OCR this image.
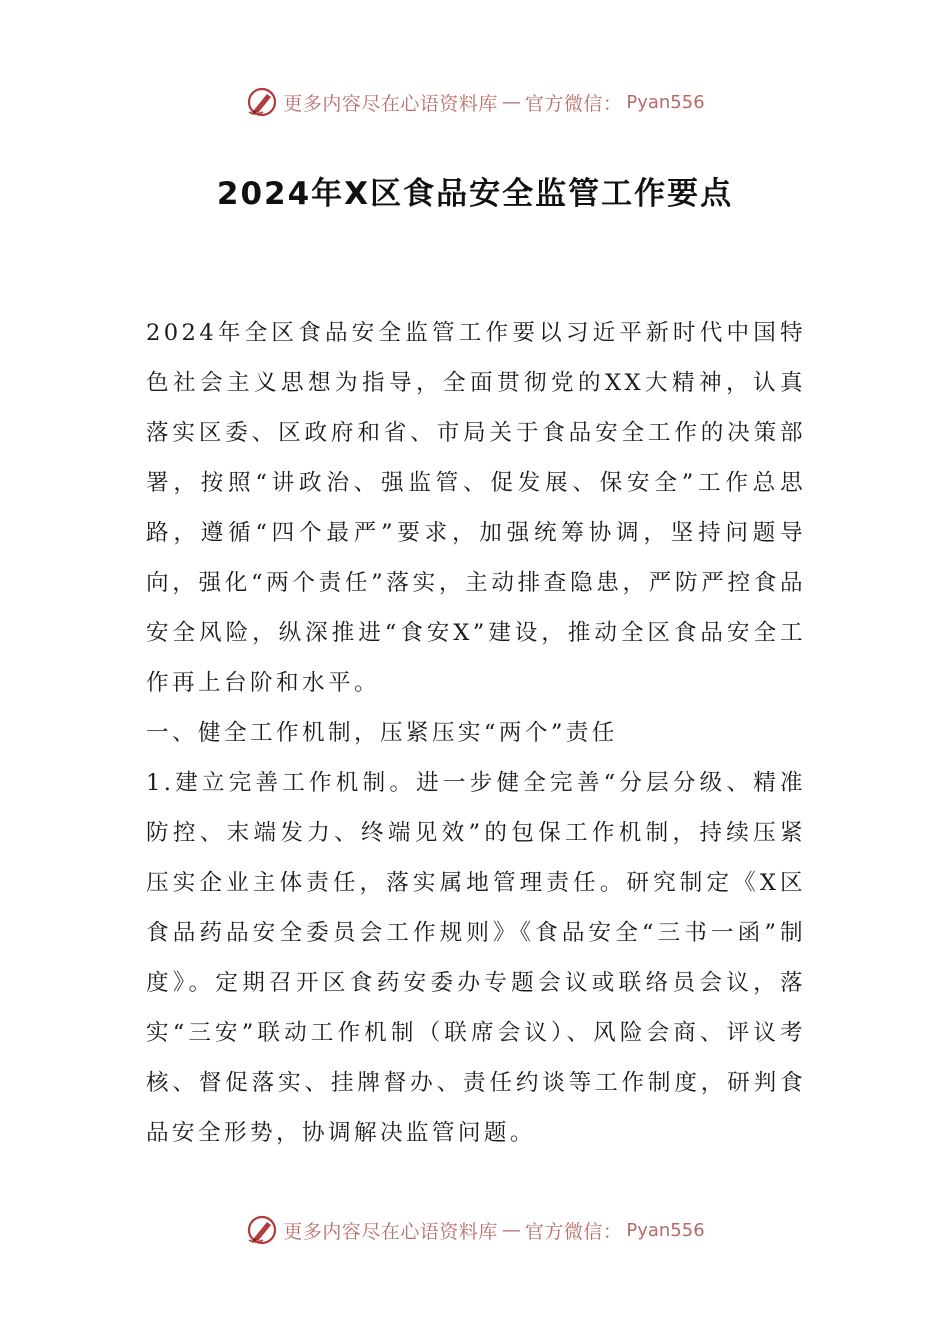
更多内容尽在心语资料库 — 官方微信： Pyan556
2024年X区食品安全监管工作要点

2024年全区食品安全监管工作要以习近平新时代中国特色社会主义思想为指导，全面贯彻党的XX大精神，认真落实区委、区政府和省、市局关于食品安全工作的决策部署，按照“讲政治、强监管、促发展、保安全”工作总思路，遵循“四个最严”要求，加强统筹协调，坚持问题导向，强化“两个责任”落实，主动排查隐患，严防严控食品安全风险，纵深推进“食安X”建设，推动全区食品安全工作再上台阶和水平。

一、健全工作机制，压紧压实“两个”责任

1.建立完善工作机制。进一步健全完善“分层分级、精准防控、末端发力、终端见效”的包保工作机制，持续压紧压实企业主体责任，落实属地管理责任。研究制定《X区食品药品安全委员会工作规则》《食品安全“三书一函”制度》。定期召开区食药安委办专题会议或联络员会议，落实“三安”联动工作机制（联席会议）、风险会商、评议考核、督促落实、挂牌督办、责任约谈等工作制度，研判食品安全形势，协调解决监管问题。

更多内容尽在心语资料库 — 官方微信： Pyan556
